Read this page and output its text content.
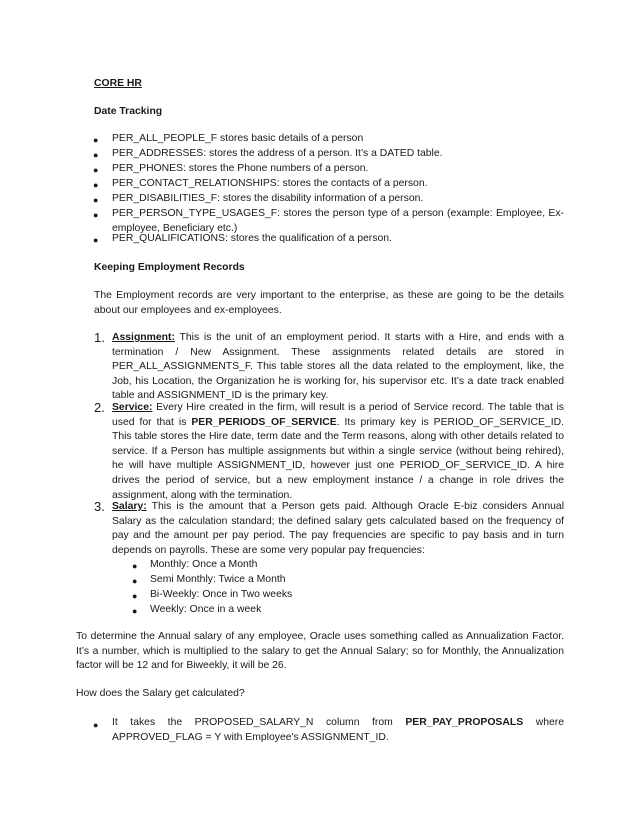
CORE HR
Date Tracking
● PER_ALL_PEOPLE_F stores basic details of a person
● PER_ADDRESSES: stores the address of a person. It’s a DATED table.
● PER_PHONES: stores the Phone numbers of a person.
● PER_CONTACT_RELATIONSHIPS: stores the contacts of a person.
● PER_DISABILITIES_F: stores the disability information of a person.
● PER_PERSON_TYPE_USAGES_F: stores the person type of a person (example: Employee, Ex-employee, Beneficiary etc.)
● PER_QUALIFICATIONS: stores the qualification of a person.
Keeping Employment Records
The Employment records are very important to the enterprise, as these are going to be the details about our employees and ex-employees.
1. Assignment: This is the unit of an employment period. It starts with a Hire, and ends with a termination / New Assignment. These assignments related details are stored in PER_ALL_ASSIGNMENTS_F. This table stores all the data related to the employment, like, the Job, his Location, the Organization he is working for, his supervisor etc. It’s a date track enabled table and ASSIGNMENT_ID is the primary key.
2. Service: Every Hire created in the firm, will result is a period of Service record. The table that is used for that is PER_PERIODS_OF_SERVICE. Its primary key is PERIOD_OF_SERVICE_ID. This table stores the Hire date, term date and the Term reasons, along with other details related to service. If a Person has multiple assignments but within a single service (without being rehired), he will have multiple ASSIGNMENT_ID, however just one PERIOD_OF_SERVICE_ID. A hire drives the period of service, but a new employment instance / a change in role drives the assignment, along with the termination.
3. Salary: This is the amount that a Person gets paid. Although Oracle E-biz considers Annual Salary as the calculation standard; the defined salary gets calculated based on the frequency of pay and the amount per pay period. The pay frequencies are specific to pay basis and in turn depends on payrolls. These are some very popular pay frequencies:
● Monthly: Once a Month
● Semi Monthly: Twice a Month
● Bi-Weekly: Once in Two weeks
● Weekly: Once in a week
To determine the Annual salary of any employee, Oracle uses something called as Annualization Factor. It’s a number, which is multiplied to the salary to get the Annual Salary; so for Monthly, the Annualization factor will be 12 and for Biweekly, it will be 26.
How does the Salary get calculated?
● It takes the PROPOSED_SALARY_N column from PER_PAY_PROPOSALS where APPROVED_FLAG = Y with Employee's ASSIGNMENT_ID.
